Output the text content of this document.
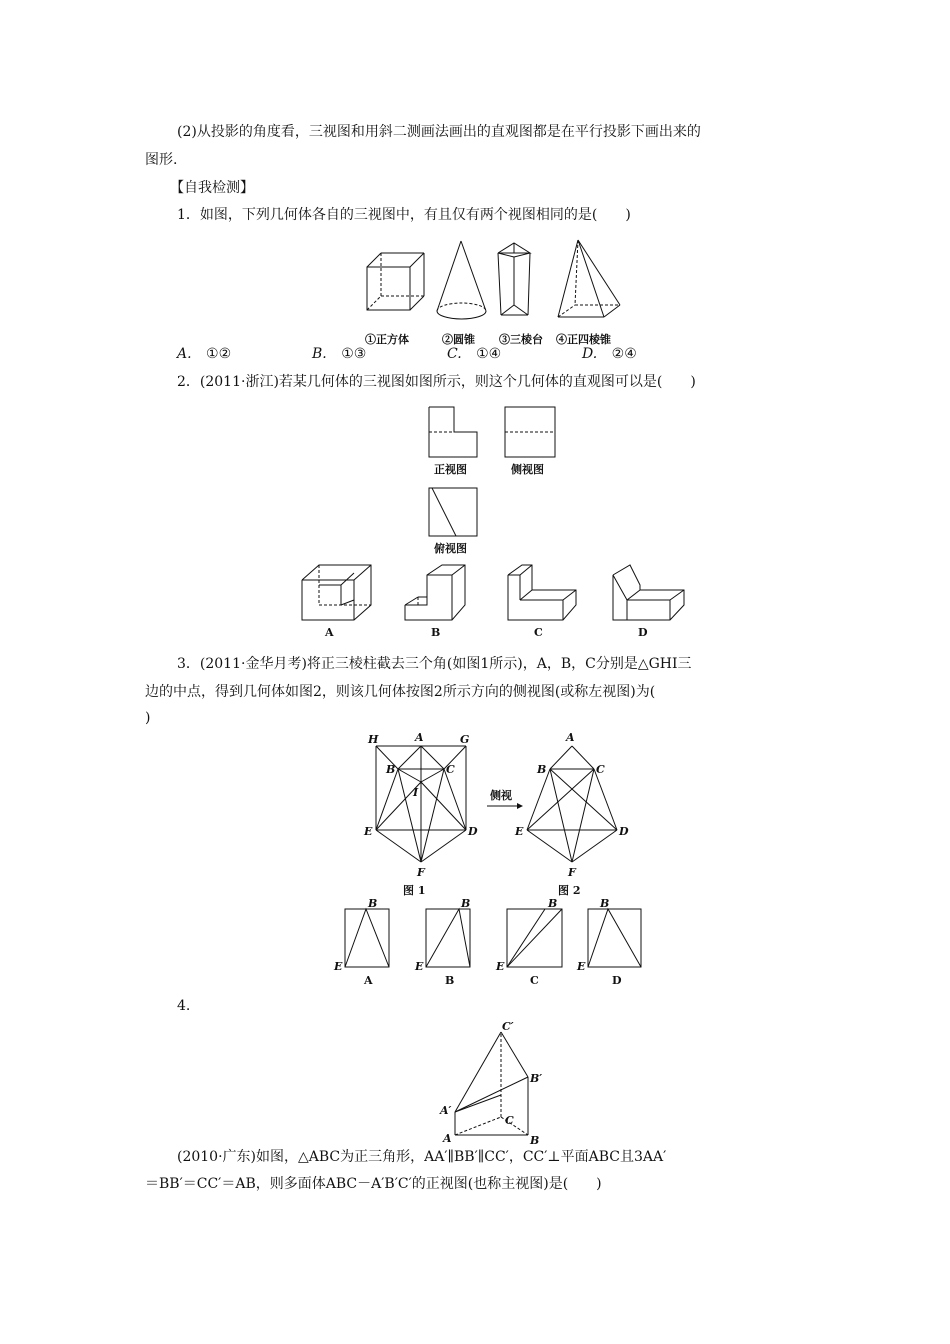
(2)从投影的角度看，三视图和用斜二测画法画出的直观图都是在平行投影下画出来的
图形.
【自我检测】
1．如图，下列几何体各自的三视图中，有且仅有两个视图相同的是(　　)
①正方体	②圆锥 ③三棱台 ④正四棱锥
A. ①②	B. ①③	C. ①④	D. ②④
2．(2011·浙江)若某几何体的三视图如图所示，则这个几何体的直观图可以是(　　)
正视图	侧视图
俯视图
A	B	C	D
3．(2011·金华月考)将正三棱柱截去三个角(如图1所示)，A，B，C分别是△GHI三
边的中点，得到几何体如图2，则该几何体按图2所示方向的侧视图(或称左视图)为(
)
H	A	G
B	C
I
E	D
F
图 1
侧视
A
B	C
E	D
F
图 2
B
E
A
B
E
B
B
E
C
B
E
D
4.
C′
B′
A′
C
A	B
(2010·广东)如图，△ABC为正三角形，AA′∥BB′∥CC′，CC′⊥平面ABC且3AA′
＝BB′＝CC′＝AB，则多面体ABC－A′B′C′的正视图(也称主视图)是(　　)
